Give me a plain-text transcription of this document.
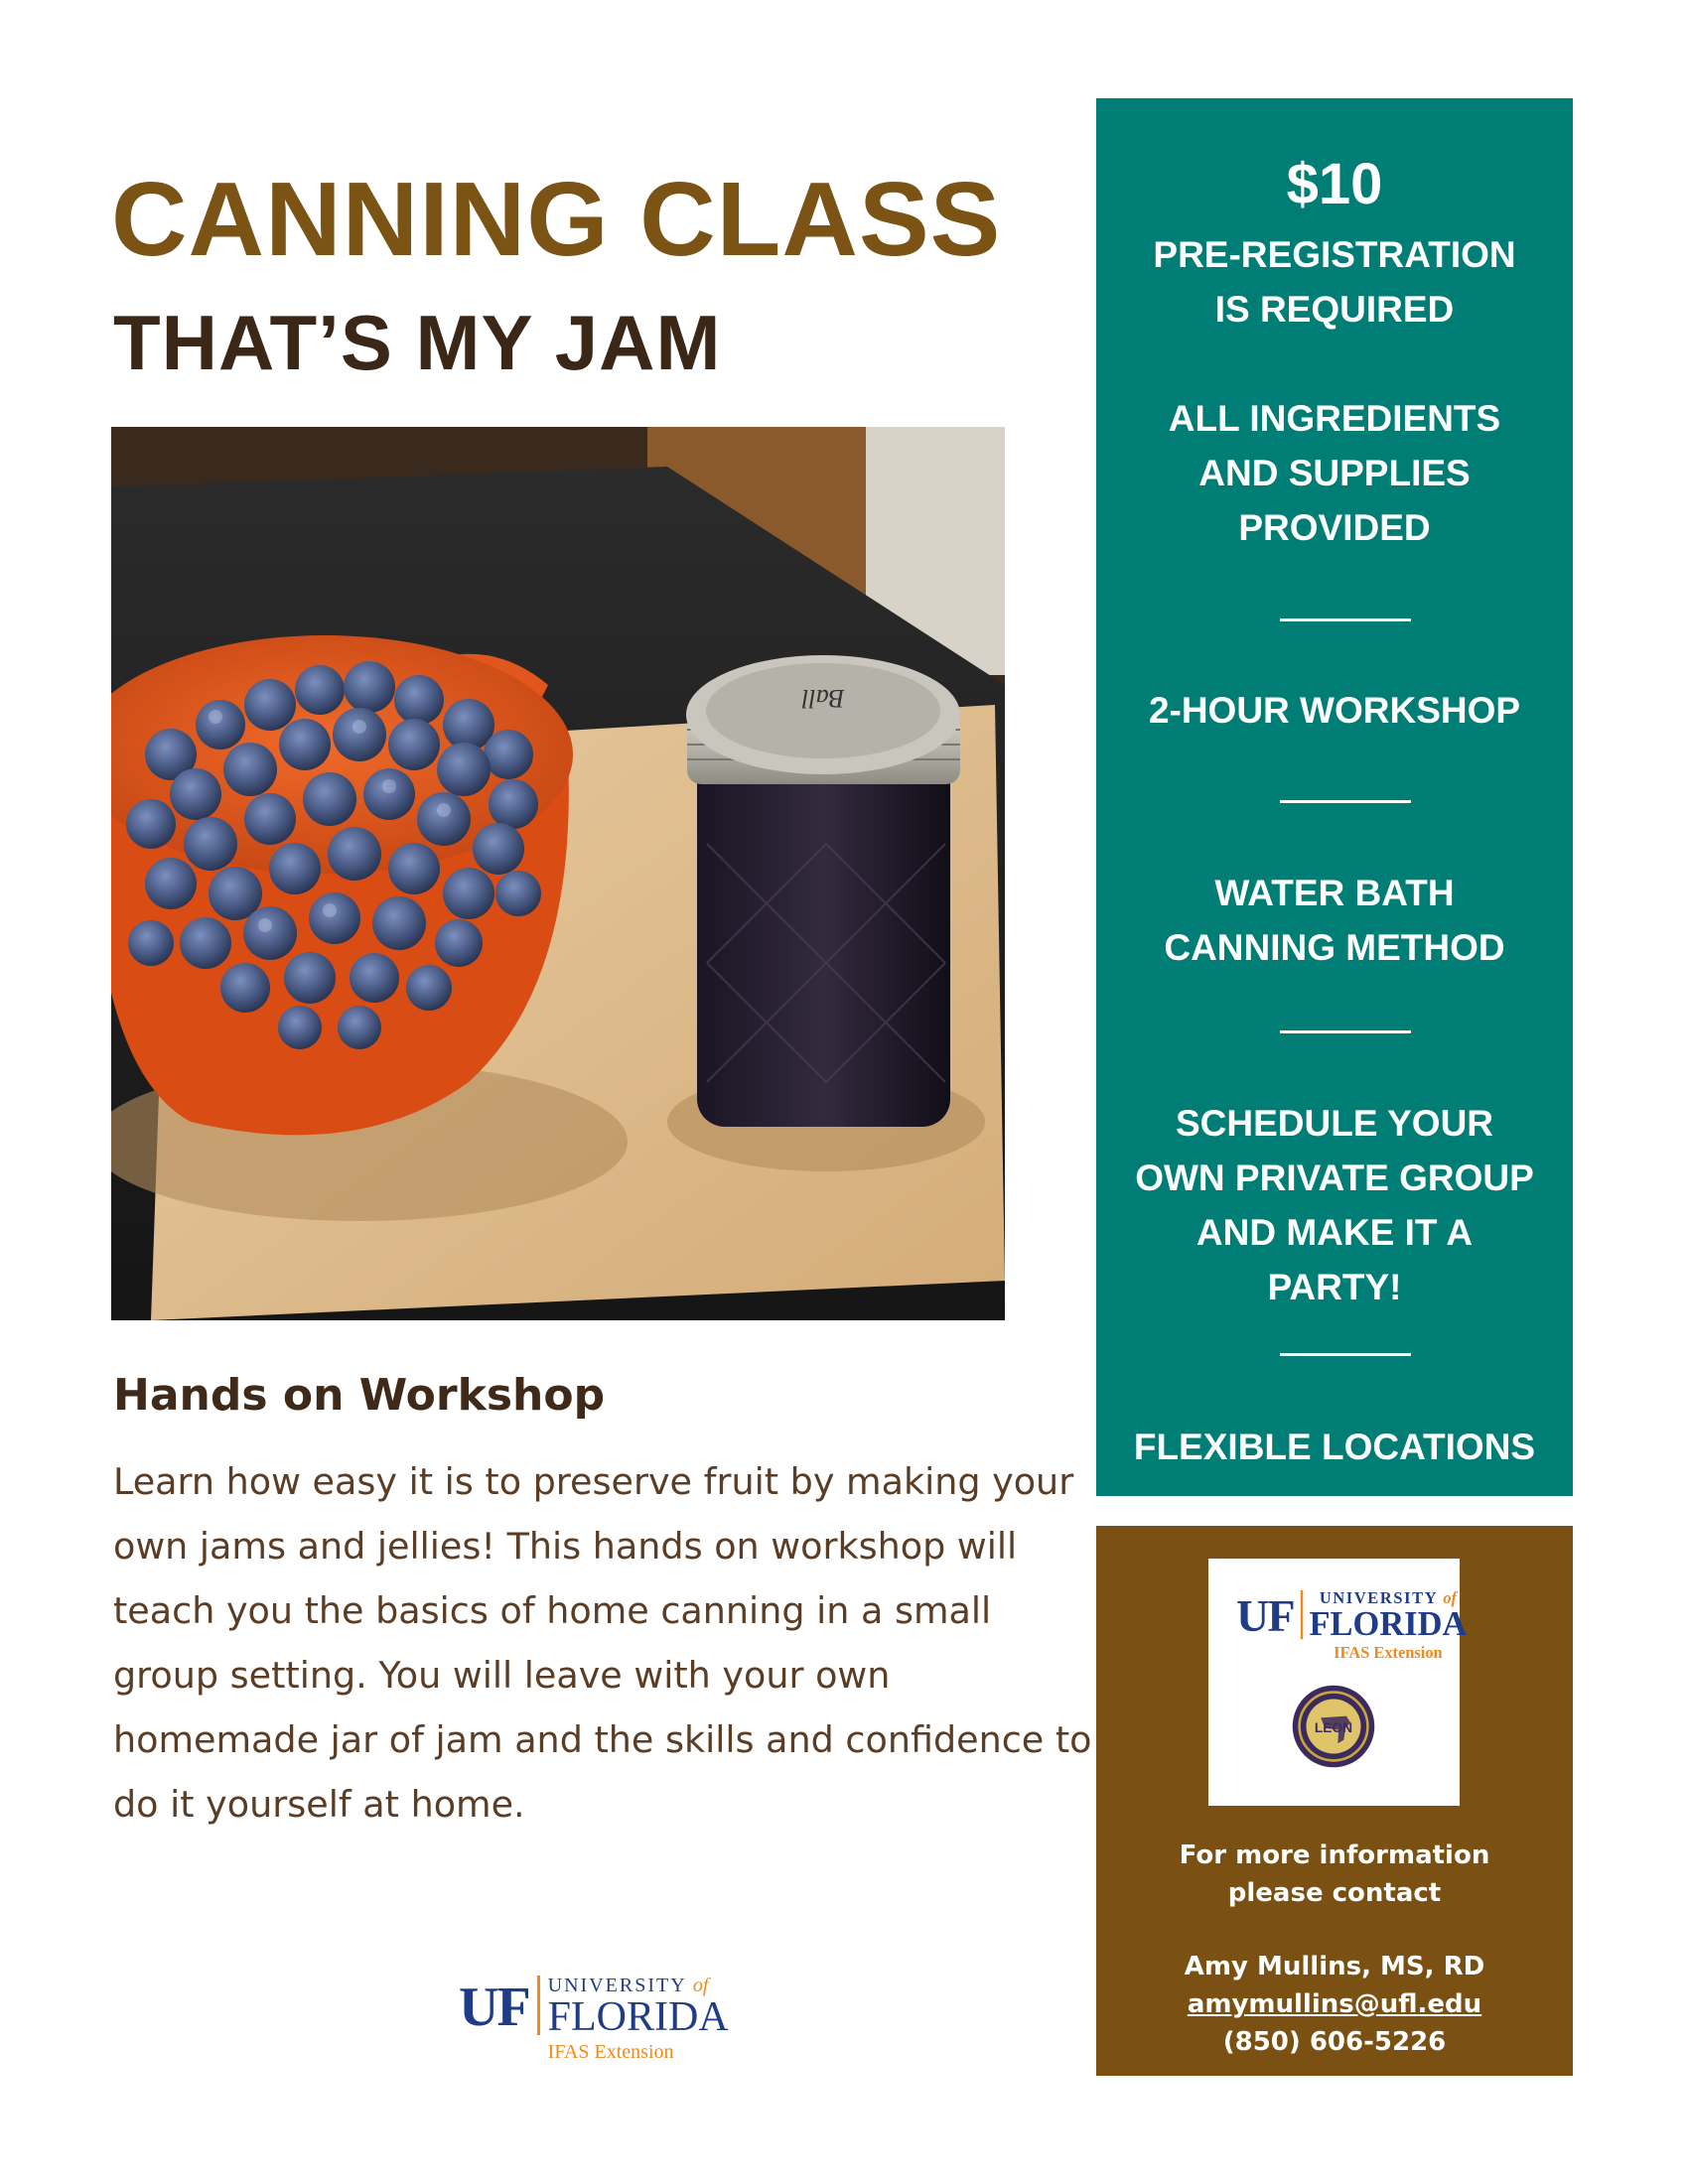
CANNING CLASS
THAT’S MY JAM
Ball
Hands on Workshop
Learn how easy it is to preserve fruit by making your own jams and jellies! This hands on workshop will teach you the basics of home canning in a small group setting. You will leave with your own homemade jar of jam and the skills and confidence to do it yourself at home.
UF UNIVERSITY of
FLORIDA
IFAS Extension
$10
PRE-REGISTRATION
IS REQUIRED
ALL INGREDIENTS
AND SUPPLIES
PROVIDED
2-HOUR WORKSHOP
WATER BATH
CANNING METHOD
SCHEDULE YOUR
OWN PRIVATE GROUP
AND MAKE IT A
PARTY!
FLEXIBLE LOCATIONS
UF	UNIVERSITY of
FLORIDA
IFAS Extension
LEON
For more information
please contact
Amy Mullins, MS, RD
amymullins@ufl.edu
(850) 606-5226
